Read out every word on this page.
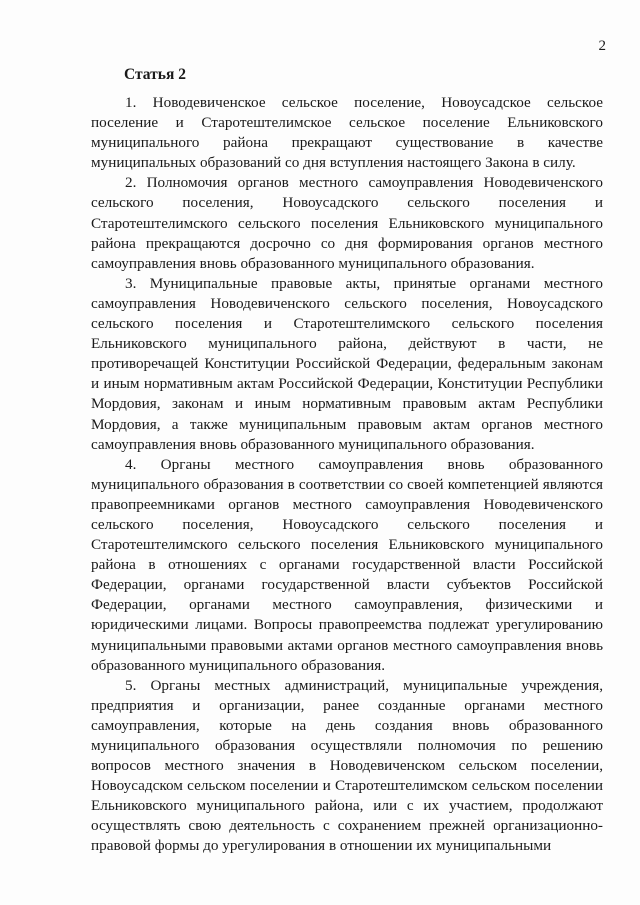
2
Статья 2

1. Новодевиченское сельское поселение, Новоусадское сельское поселение и Старотештелимское сельское поселение Ельниковского муниципального района прекращают существование в качестве муниципальных образований со дня вступления настоящего Закона в силу.

2. Полномочия органов местного самоуправления Новодевиченского сельского поселения, Новоусадского сельского поселения и Старотештелимского сельского поселения Ельниковского муниципального района прекращаются досрочно со дня формирования органов местного самоуправления вновь образованного муниципального образования.

3. Муниципальные правовые акты, принятые органами местного самоуправления Новодевиченского сельского поселения, Новоусадского сельского поселения и Старотештелимского сельского поселения Ельниковского муниципального района, действуют в части, не противоречащей Конституции Российской Федерации, федеральным законам и иным нормативным актам Российской Федерации, Конституции Республики Мордовия, законам и иным нормативным правовым актам Республики Мордовия, а также муниципальным правовым актам органов местного самоуправления вновь образованного муниципального образования.

4. Органы местного самоуправления вновь образованного муниципального образования в соответствии со своей компетенцией являются правопреемниками органов местного самоуправления Новодевиченского сельского поселения, Новоусадского сельского поселения и Старотештелимского сельского поселения Ельниковского муниципального района в отношениях с органами государственной власти Российской Федерации, органами государственной власти субъектов Российской Федерации, органами местного самоуправления, физическими и юридическими лицами. Вопросы правопреемства подлежат урегулированию муниципальными правовыми актами органов местного самоуправления вновь образованного муниципального образования.

5. Органы местных администраций, муниципальные учреждения, предприятия и организации, ранее созданные органами местного самоуправления, которые на день создания вновь образованного муниципального образования осуществляли полномочия по решению вопросов местного значения в Новодевиченском сельском поселении, Новоусадском сельском поселении и Старотештелимском сельском поселении Ельниковского муниципального района, или с их участием, продолжают осуществлять свою деятельность с сохранением прежней организационно-правовой формы до урегулирования в отношении их муниципальными
